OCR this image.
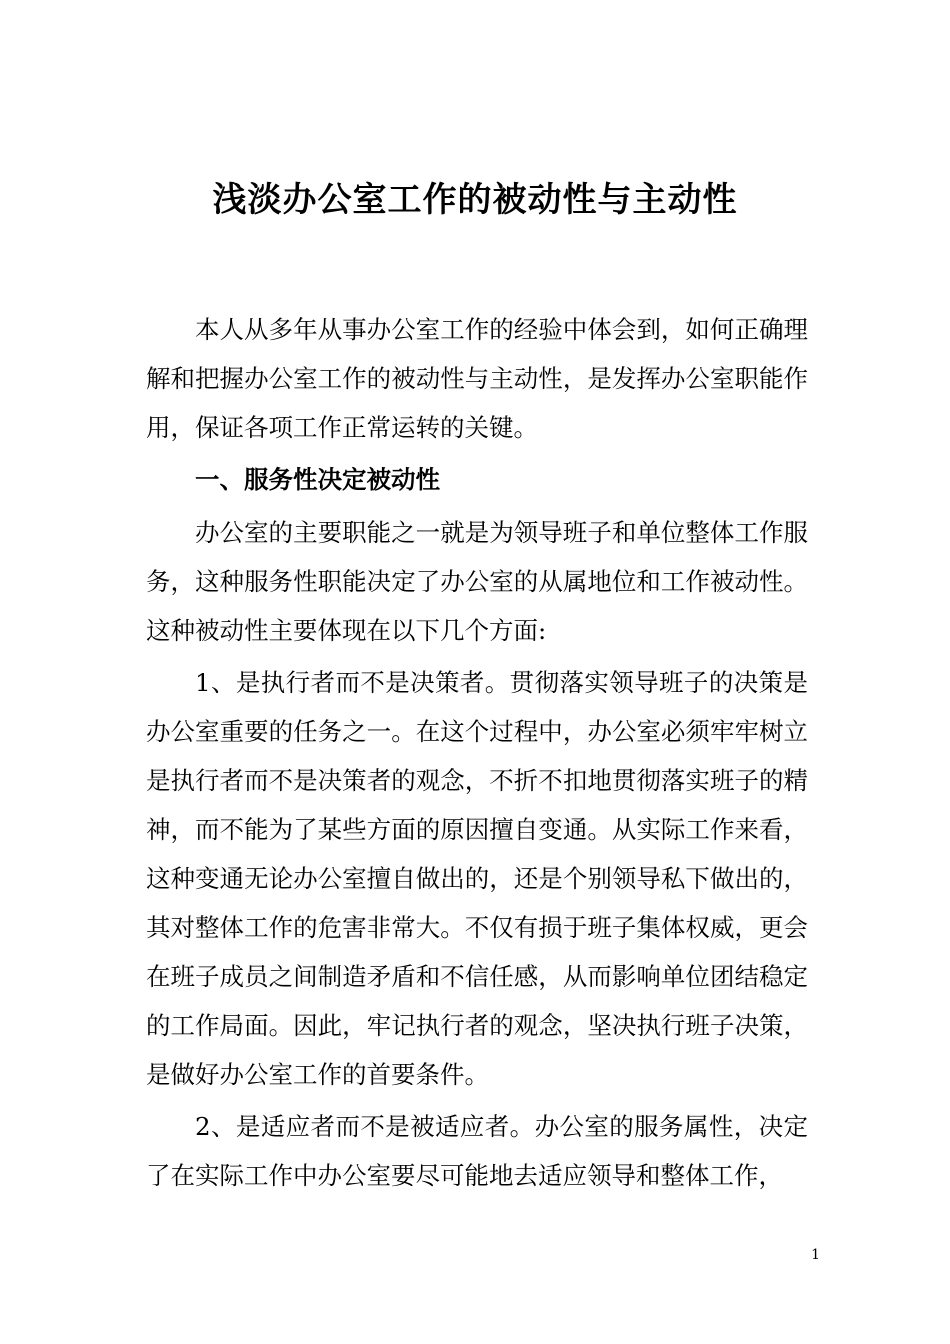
浅淡办公室工作的被动性与主动性

本人从多年从事办公室工作的经验中体会到，如何正确理解和把握办公室工作的被动性与主动性，是发挥办公室职能作用，保证各项工作正常运转的关键。

一、服务性决定被动性

办公室的主要职能之一就是为领导班子和单位整体工作服务，这种服务性职能决定了办公室的从属地位和工作被动性。这种被动性主要体现在以下几个方面:

1、是执行者而不是决策者。贯彻落实领导班子的决策是办公室重要的任务之一。在这个过程中，办公室必须牢牢树立是执行者而不是决策者的观念，不折不扣地贯彻落实班子的精神，而不能为了某些方面的原因擅自变通。从实际工作来看，这种变通无论办公室擅自做出的，还是个别领导私下做出的，其对整体工作的危害非常大。不仅有损于班子集体权威，更会在班子成员之间制造矛盾和不信任感，从而影响单位团结稳定的工作局面。因此，牢记执行者的观念，坚决执行班子决策，是做好办公室工作的首要条件。

2、是适应者而不是被适应者。办公室的服务属性，决定了在实际工作中办公室要尽可能地去适应领导和整体工作，

1
